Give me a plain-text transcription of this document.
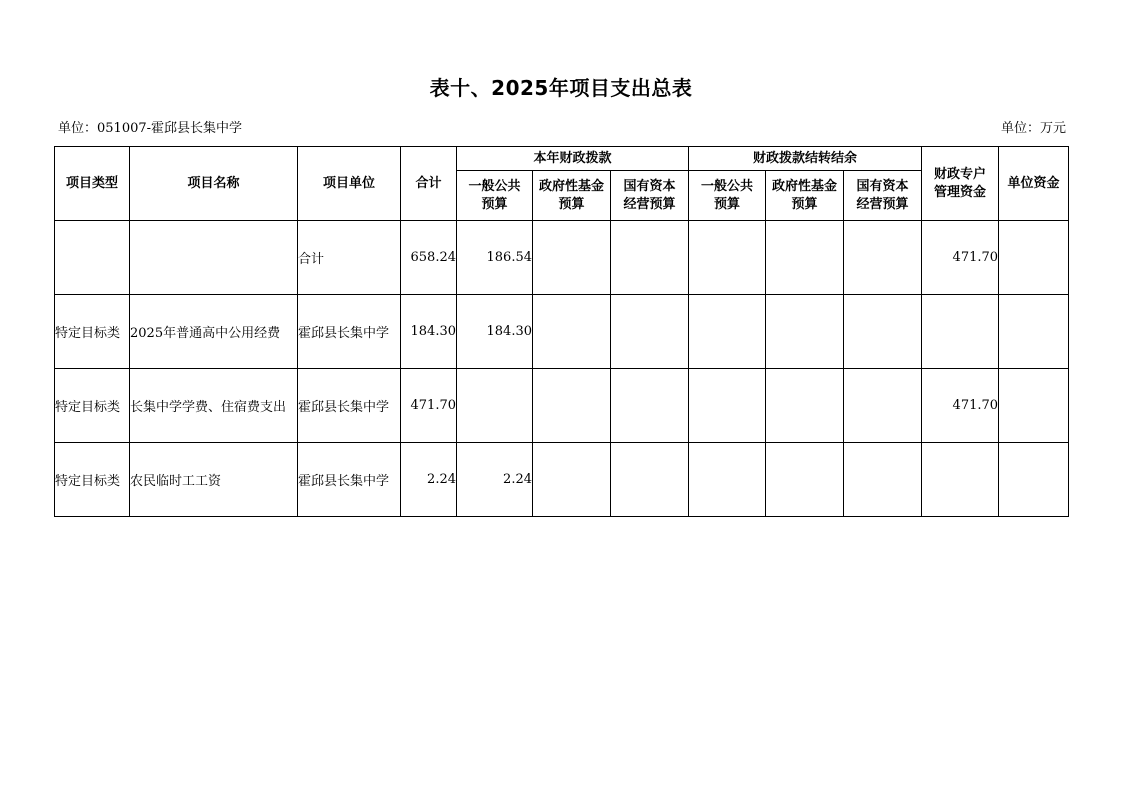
表十、2025年项目支出总表
单位：051007-霍邱县长集中学	单位：万元
项目类型	项目名称	项目单位	合计	本年财政拨款			财政拨款结转结余			财政专户管理资金	单位资金

				一般公共预算	政府性基金预算	国有资本经营预算	一般公共预算	政府性基金预算	国有资本经营预算		

		合计	658.24	186.54						471.70	
特定目标类	2025年普通高中公用经费	霍邱县长集中学	184.30	184.30							
特定目标类	长集中学学费、住宿费支出	霍邱县长集中学	471.70							471.70	
特定目标类	农民临时工工资	霍邱县长集中学	2.24	2.24							
